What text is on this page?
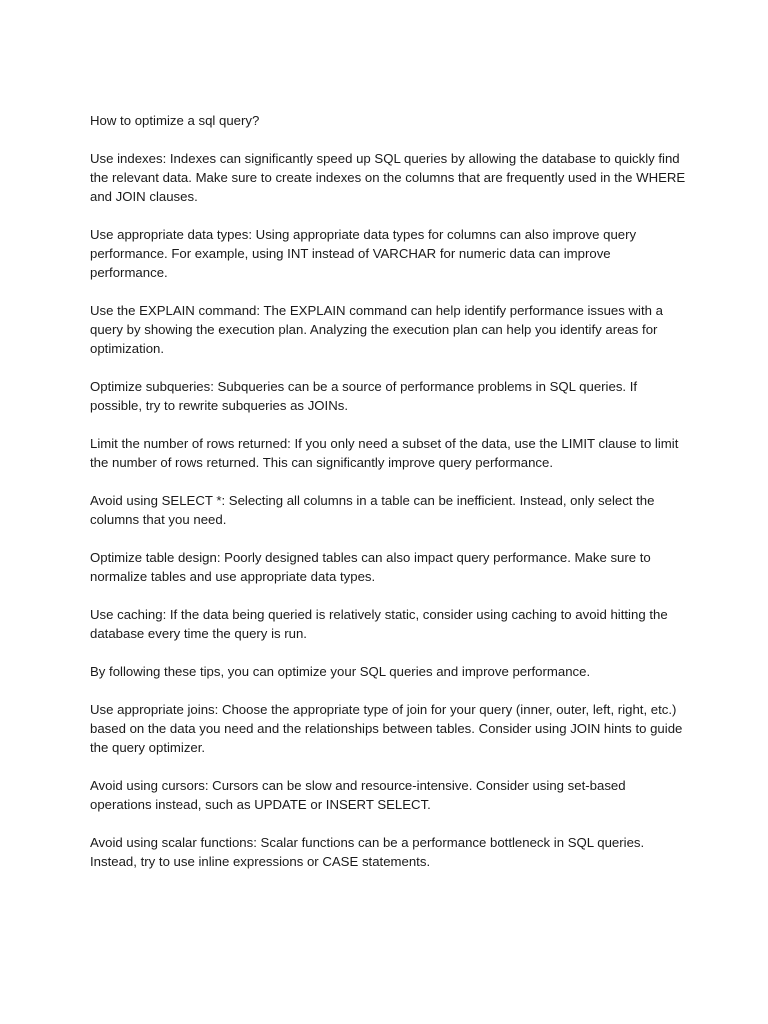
How to optimize a sql query?

Use indexes: Indexes can significantly speed up SQL queries by allowing the database to quickly find the relevant data. Make sure to create indexes on the columns that are frequently used in the WHERE and JOIN clauses.

Use appropriate data types: Using appropriate data types for columns can also improve query performance. For example, using INT instead of VARCHAR for numeric data can improve performance.

Use the EXPLAIN command: The EXPLAIN command can help identify performance issues with a query by showing the execution plan. Analyzing the execution plan can help you identify areas for optimization.

Optimize subqueries: Subqueries can be a source of performance problems in SQL queries. If possible, try to rewrite subqueries as JOINs.

Limit the number of rows returned: If you only need a subset of the data, use the LIMIT clause to limit the number of rows returned. This can significantly improve query performance.

Avoid using SELECT *: Selecting all columns in a table can be inefficient. Instead, only select the columns that you need.

Optimize table design: Poorly designed tables can also impact query performance. Make sure to normalize tables and use appropriate data types.

Use caching: If the data being queried is relatively static, consider using caching to avoid hitting the database every time the query is run.

By following these tips, you can optimize your SQL queries and improve performance.

Use appropriate joins: Choose the appropriate type of join for your query (inner, outer, left, right, etc.) based on the data you need and the relationships between tables. Consider using JOIN hints to guide the query optimizer.

Avoid using cursors: Cursors can be slow and resource-intensive. Consider using set-based operations instead, such as UPDATE or INSERT SELECT.

Avoid using scalar functions: Scalar functions can be a performance bottleneck in SQL queries. Instead, try to use inline expressions or CASE statements.
